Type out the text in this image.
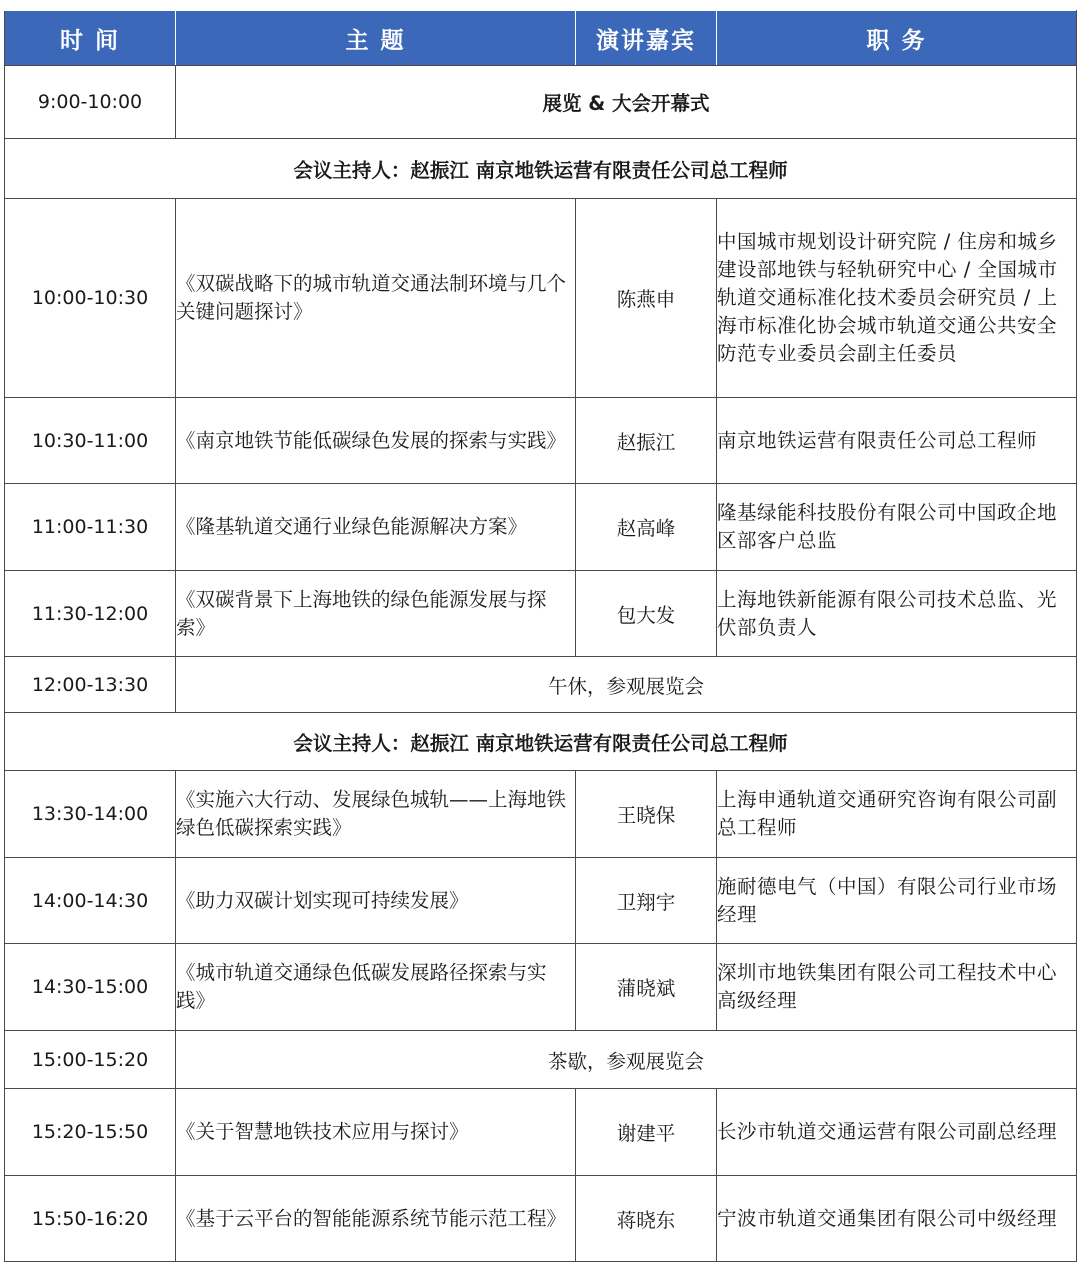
时 间	主 题	演讲嘉宾	职 务
9:00-10:00	展览 & 大会开幕式		
会议主持人：赵振江 南京地铁运营有限责任公司总工程师			
10:00-10:30	《双碳战略下的城市轨道交通法制环境与几个关键问题探讨》	陈燕申	中国城市规划设计研究院 / 住房和城乡建设部地铁与轻轨研究中心 / 全国城市轨道交通标准化技术委员会研究员 / 上海市标准化协会城市轨道交通公共安全防范专业委员会副主任委员
10:30-11:00	《南京地铁节能低碳绿色发展的探索与实践》	赵振江	南京地铁运营有限责任公司总工程师
11:00-11:30	《隆基轨道交通行业绿色能源解决方案》	赵高峰	隆基绿能科技股份有限公司中国政企地区部客户总监
11:30-12:00	《双碳背景下上海地铁的绿色能源发展与探索》	包大发	上海地铁新能源有限公司技术总监、光伏部负责人
12:00-13:30	午休，参观展览会		
会议主持人：赵振江 南京地铁运营有限责任公司总工程师			
13:30-14:00	《实施六大行动、发展绿色城轨——上海地铁绿色低碳探索实践》	王晓保	上海申通轨道交通研究咨询有限公司副总工程师
14:00-14:30	《助力双碳计划实现可持续发展》	卫翔宇	施耐德电气（中国）有限公司行业市场经理
14:30-15:00	《城市轨道交通绿色低碳发展路径探索与实践》	蒲晓斌	深圳市地铁集团有限公司工程技术中心高级经理
15:00-15:20	茶歇，参观展览会		
15:20-15:50	《关于智慧地铁技术应用与探讨》	谢建平	长沙市轨道交通运营有限公司副总经理
15:50-16:20	《基于云平台的智能能源系统节能示范工程》	蒋晓东	宁波市轨道交通集团有限公司中级经理
